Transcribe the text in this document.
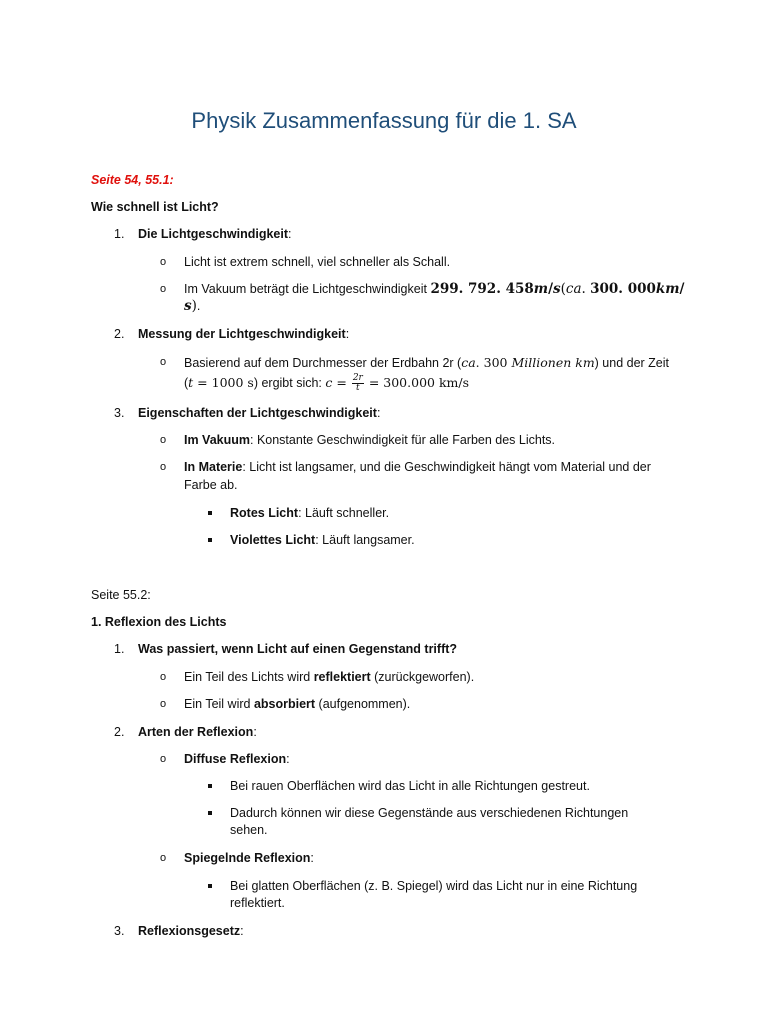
Physik Zusammenfassung für die 1. SA
Seite 54, 55.1:
Wie schnell ist Licht?
1. Die Lichtgeschwindigkeit:
o Licht ist extrem schnell, viel schneller als Schall.
o Im Vakuum beträgt die Lichtgeschwindigkeit 299. 792. 458m/s(ca. 300. 000km/
s).
2. Messung der Lichtgeschwindigkeit:
o Basierend auf dem Durchmesser der Erdbahn 2r (ca. 300 Millionen km) und der Zeit
(t = 1000 s) ergibt sich: $c = \frac{2r}{t} = 300.000$ km/s
3. Eigenschaften der Lichtgeschwindigkeit:
o Im Vakuum: Konstante Geschwindigkeit für alle Farben des Lichts.
o In Materie: Licht ist langsamer, und die Geschwindigkeit hängt vom Material und der
Farbe ab.
Rotes Licht: Läuft schneller.
Violettes Licht: Läuft langsamer.
Seite 55.2:
1. Reflexion des Lichts
1. Was passiert, wenn Licht auf einen Gegenstand trifft?
o Ein Teil des Lichts wird reflektiert (zurückgeworfen).
o Ein Teil wird absorbiert (aufgenommen).
2. Arten der Reflexion:
o Diffuse Reflexion:
Bei rauen Oberflächen wird das Licht in alle Richtungen gestreut.
Dadurch können wir diese Gegenstände aus verschiedenen Richtungen
sehen.
o Spiegelnde Reflexion:
Bei glatten Oberflächen (z. B. Spiegel) wird das Licht nur in eine Richtung
reflektiert.
3. Reflexionsgesetz:
